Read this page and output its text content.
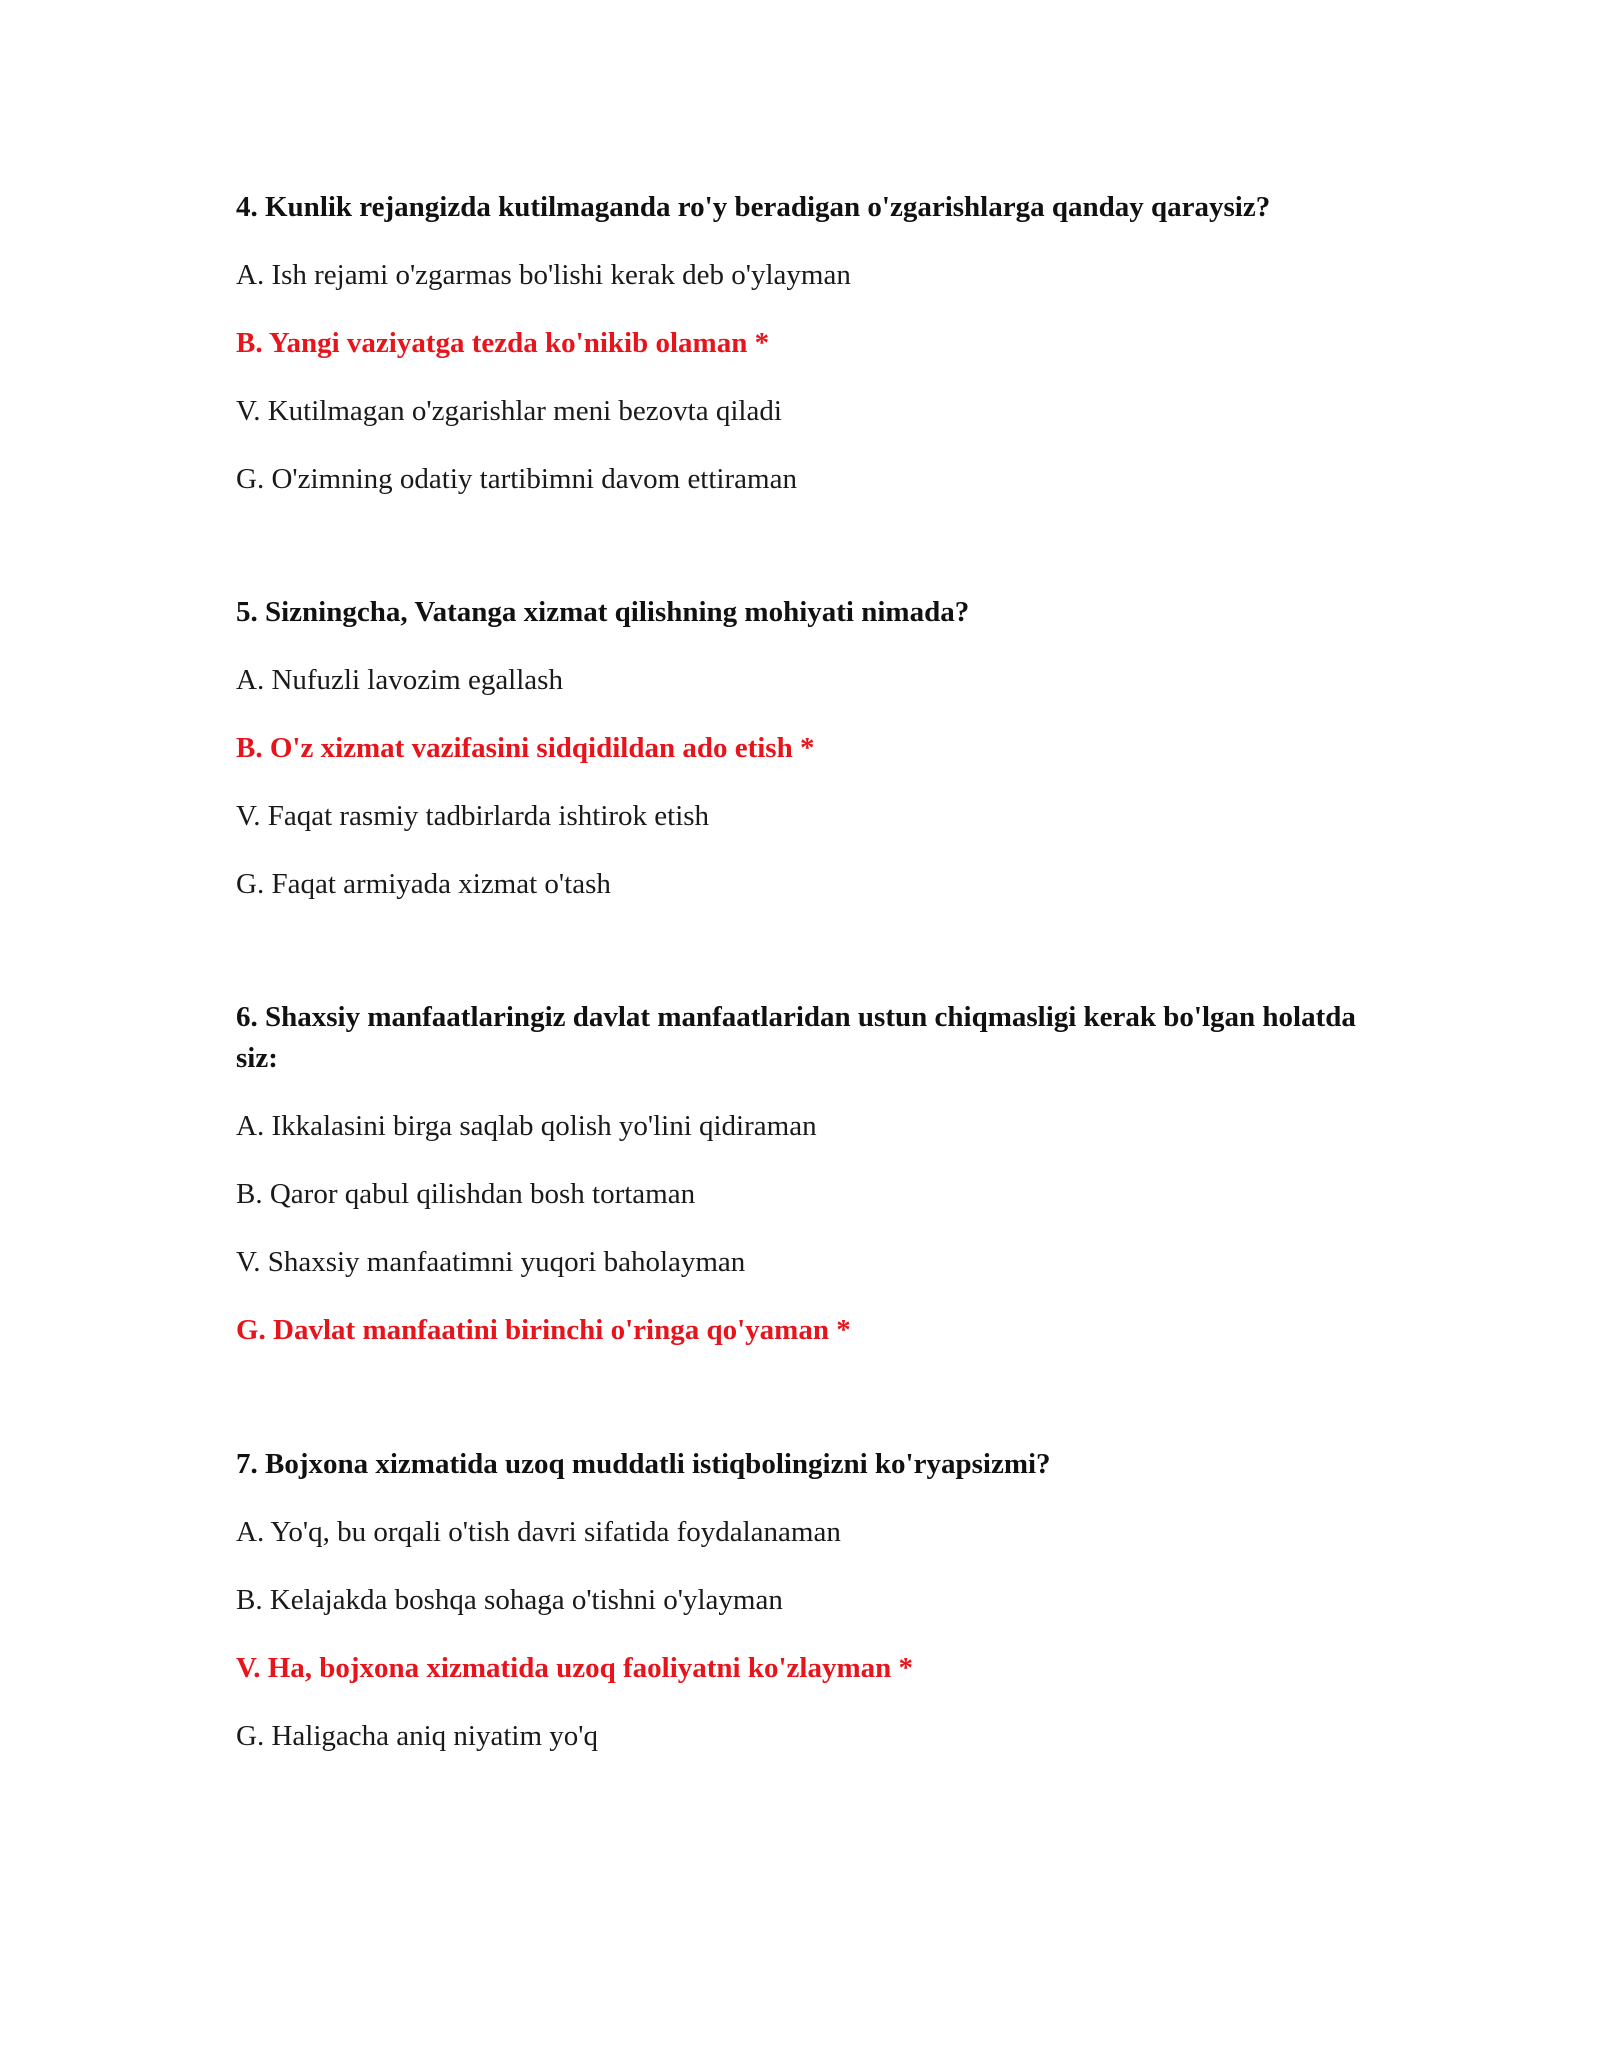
4. Kunlik rejangizda kutilmaganda ro'y beradigan o'zgarishlarga qanday qaraysiz?

A. Ish rejami o'zgarmas bo'lishi kerak deb o'ylayman

B. Yangi vaziyatga tezda ko'nikib olaman *

V. Kutilmagan o'zgarishlar meni bezovta qiladi

G. O'zimning odatiy tartibimni davom ettiraman

5. Sizningcha, Vatanga xizmat qilishning mohiyati nimada?

A. Nufuzli lavozim egallash

B. O'z xizmat vazifasini sidqidildan ado etish *

V. Faqat rasmiy tadbirlarda ishtirok etish

G. Faqat armiyada xizmat o'tash

6. Shaxsiy manfaatlaringiz davlat manfaatlaridan ustun chiqmasligi kerak bo'lgan holatda siz:

A. Ikkalasini birga saqlab qolish yo'lini qidiraman

B. Qaror qabul qilishdan bosh tortaman

V. Shaxsiy manfaatimni yuqori baholayman

G. Davlat manfaatini birinchi o'ringa qo'yaman *

7. Bojxona xizmatida uzoq muddatli istiqbolingizni ko'ryapsizmi?

A. Yo'q, bu orqali o'tish davri sifatida foydalanaman

B. Kelajakda boshqa sohaga o'tishni o'ylayman

V. Ha, bojxona xizmatida uzoq faoliyatni ko'zlayman *

G. Haligacha aniq niyatim yo'q
